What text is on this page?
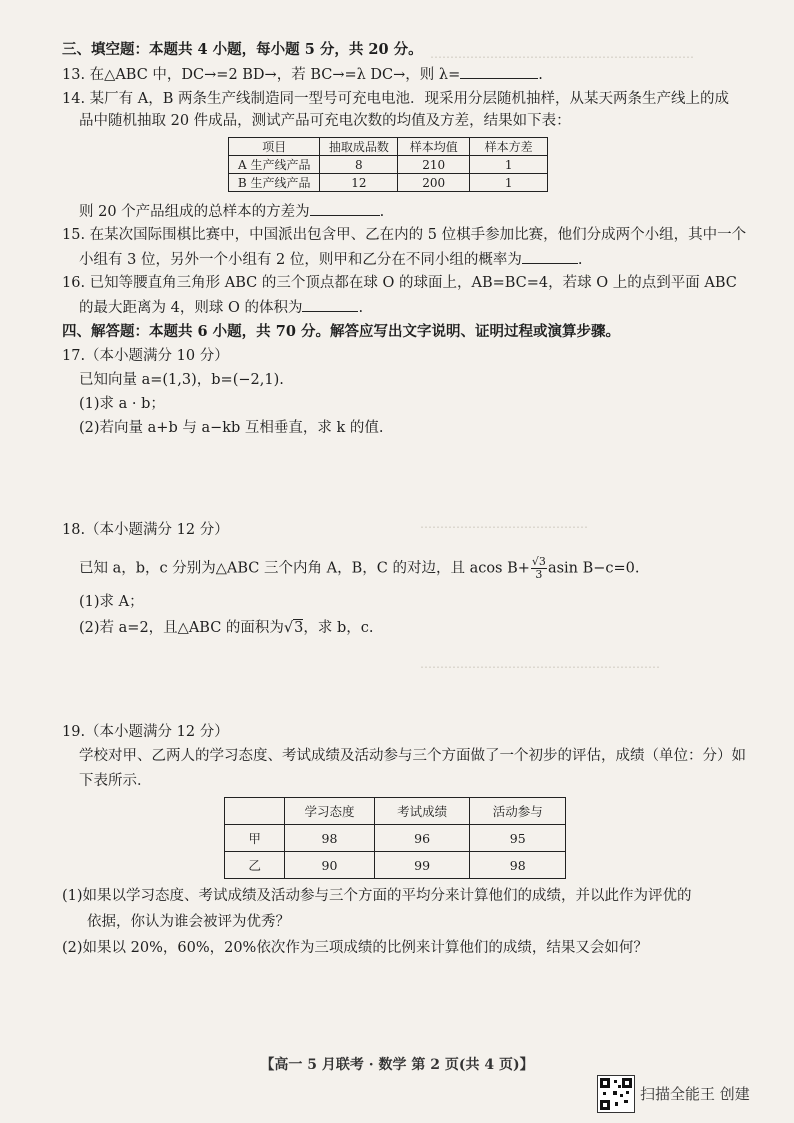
⋯⋯⋯⋯⋯⋯⋯⋯⋯⋯⋯⋯⋯⋯⋯⋯⋯⋯⋯⋯⋯⋯
⋯⋯⋯⋯⋯⋯⋯⋯⋯⋯⋯⋯⋯⋯
⋯⋯⋯⋯⋯⋯⋯⋯⋯⋯⋯⋯⋯⋯⋯⋯⋯⋯⋯⋯
三、填空题：本题共 4 小题，每小题 5 分，共 20 分。
13. 在△ABC 中，DC→=2 BD→，若 BC→=λ DC→，则 λ=	.
14. 某厂有 A，B 两条生产线制造同一型号可充电电池．现采用分层随机抽样，从某天两条生产线上的成
品中随机抽取 20 件成品，测试产品可充电次数的均值及方差，结果如下表：
项目	抽取成品数	样本均值	样本方差
A 生产线产品	8	210	1
B 生产线产品	12	200	1
则 20 个产品组成的总样本的方差为	.
15. 在某次国际围棋比赛中，中国派出包含甲、乙在内的 5 位棋手参加比赛，他们分成两个小组，其中一个
小组有 3 位，另外一个小组有 2 位，则甲和乙分在不同小组的概率为	.
16. 已知等腰直角三角形 ABC 的三个顶点都在球 O 的球面上，AB=BC=4，若球 O 上的点到平面 ABC
的最大距离为 4，则球 O 的体积为	.
四、解答题：本题共 6 小题，共 70 分。解答应写出文字说明、证明过程或演算步骤。
17.（本小题满分 10 分）
已知向量 a=(1,3)，b=(−2,1).
(1)求 a · b；
(2)若向量 a+b 与 a−kb 互相垂直，求 k 的值.
18.（本小题满分 12 分）
已知 a，b，c 分别为△ABC 三个内角 A，B，C 的对边，且 acos $B+ \frac{√3}{3}$ asin B−c=0.
(1)求 A；
(2)若 a=2，且△ABC 的面积为√3，求 b，c.
19.（本小题满分 12 分）
学校对甲、乙两人的学习态度、考试成绩及活动参与三个方面做了一个初步的评估，成绩（单位：分）如
下表所示．
	学习态度	考试成绩	活动参与
甲	98	96	95
乙	90	99	98
(1)如果以学习态度、考试成绩及活动参与三个方面的平均分来计算他们的成绩，并以此作为评优的
依据，你认为谁会被评为优秀？
(2)如果以 20%，60%，20%依次作为三项成绩的比例来计算他们的成绩，结果又会如何？
【高一 5 月联考 · 数学 第 2 页(共 4 页)】
扫描全能王 创建
